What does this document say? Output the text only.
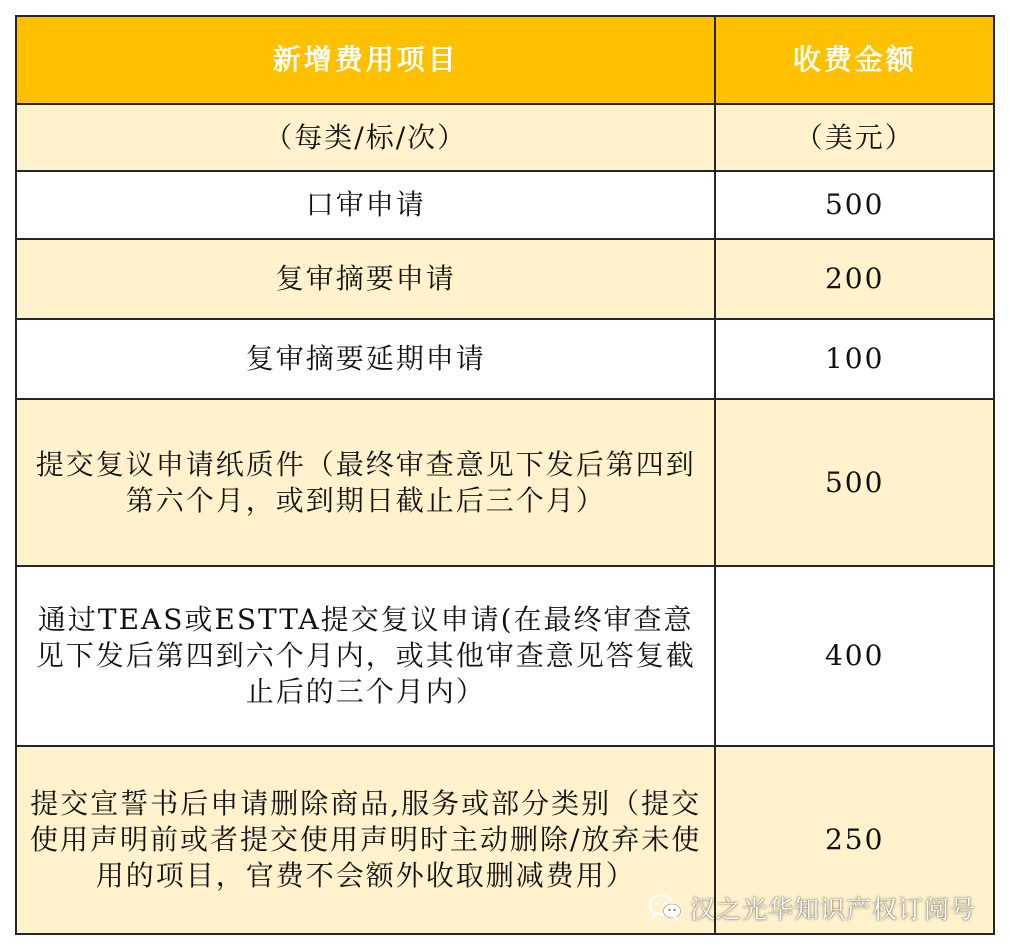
新增费用项目	收费金额
（每类/标/次）	（美元）
口审申请	500
复审摘要申请	200
复审摘要延期申请	100
提交复议申请纸质件（最终审查意见下发后第四到第六个月，或到期日截止后三个月）	500
通过TEAS或ESTTA提交复议申请(在最终审查意见下发后第四到六个月内，或其他审查意见答复截止后的三个月内）	400
提交宣誓书后申请删除商品,服务或部分类别（提交使用声明前或者提交使用声明时主动删除/放弃未使用的项目，官费不会额外收取删减费用）	250
汉之光华知识产权订阅号
